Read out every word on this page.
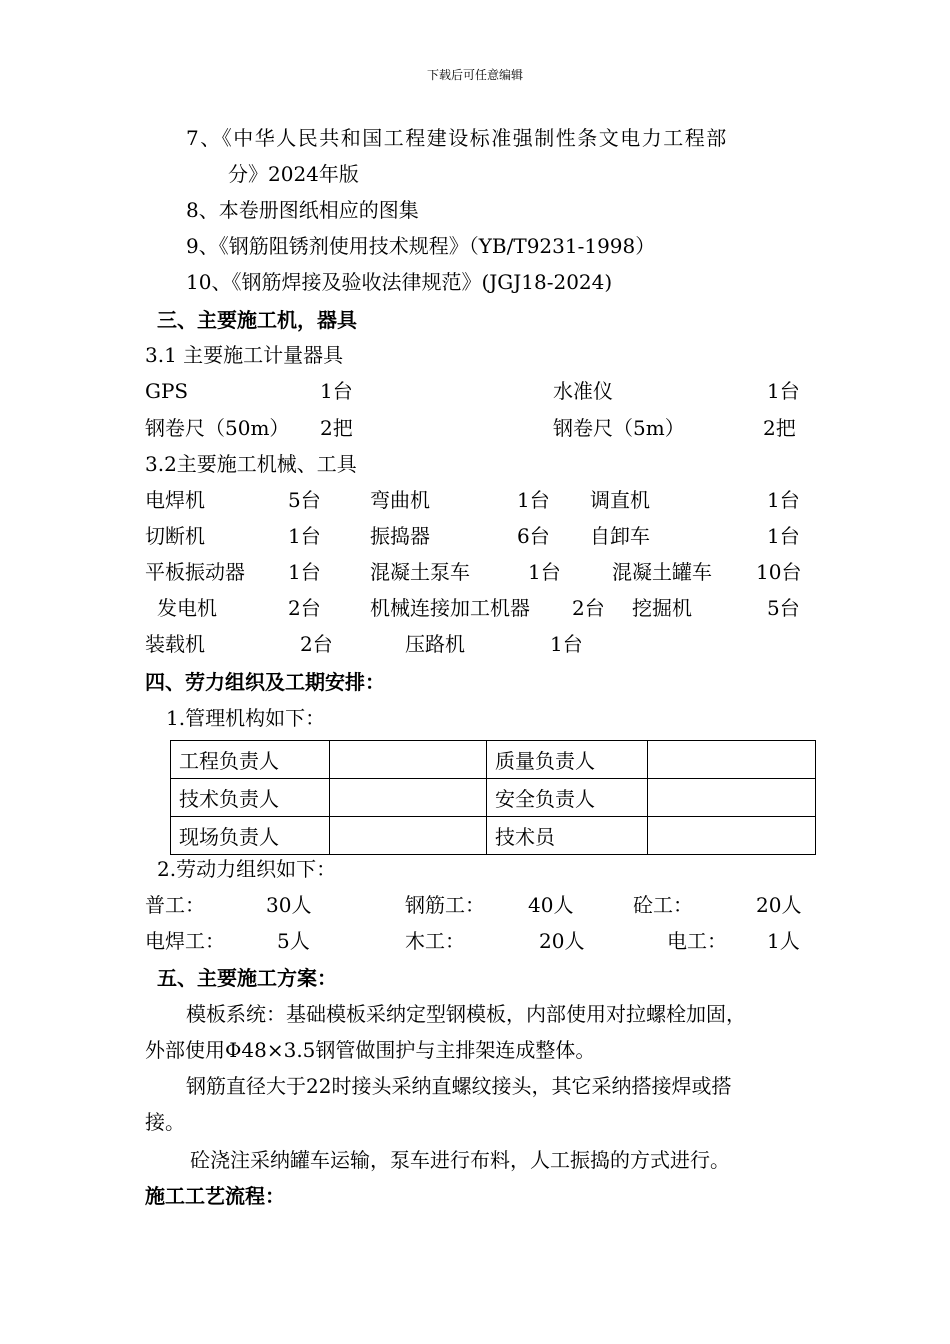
下载后可任意编辑
7、《中华人民共和国工程建设标准强制性条文电力工程部
分》2024年版
8、本卷册图纸相应的图集
9、《钢筋阻锈剂使用技术规程》（YB/T9231-1998）
10、《钢筋焊接及验收法律规范》(JGJ18-2024)
三、主要施工机，器具
3.1 主要施工计量器具
GPS	1台	水准仪	1台
钢卷尺（50m） 2把	钢卷尺（5m）	2把
3.2主要施工机械、工具
电焊机	5台 弯曲机	1台 调直机	1台
切断机	1台 振捣器	6台 自卸车	1台
平板振动器 1台 混凝土泵车	1台	混凝土罐车 10台
发电机	2台 机械连接加工机器 2台 挖掘机	5台
装载机	2台	压路机	1台
四、劳力组织及工期安排：
1.管理机构如下：
工程负责人		质量负责人	
技术负责人		安全负责人	
现场负责人		技术员	
2.劳动力组织如下：
普工：	30人	钢筋工： 40人	砼工：	20人
电焊工：	5人	木工：	20人	电工： 1人
五、主要施工方案：
模板系统：基础模板采纳定型钢模板，内部使用对拉螺栓加固，
外部使用Φ48×3.5钢管做围护与主排架连成整体。
钢筋直径大于22时接头采纳直螺纹接头，其它采纳搭接焊或搭
接。
砼浇注采纳罐车运输，泵车进行布料，人工振捣的方式进行。
施工工艺流程：
